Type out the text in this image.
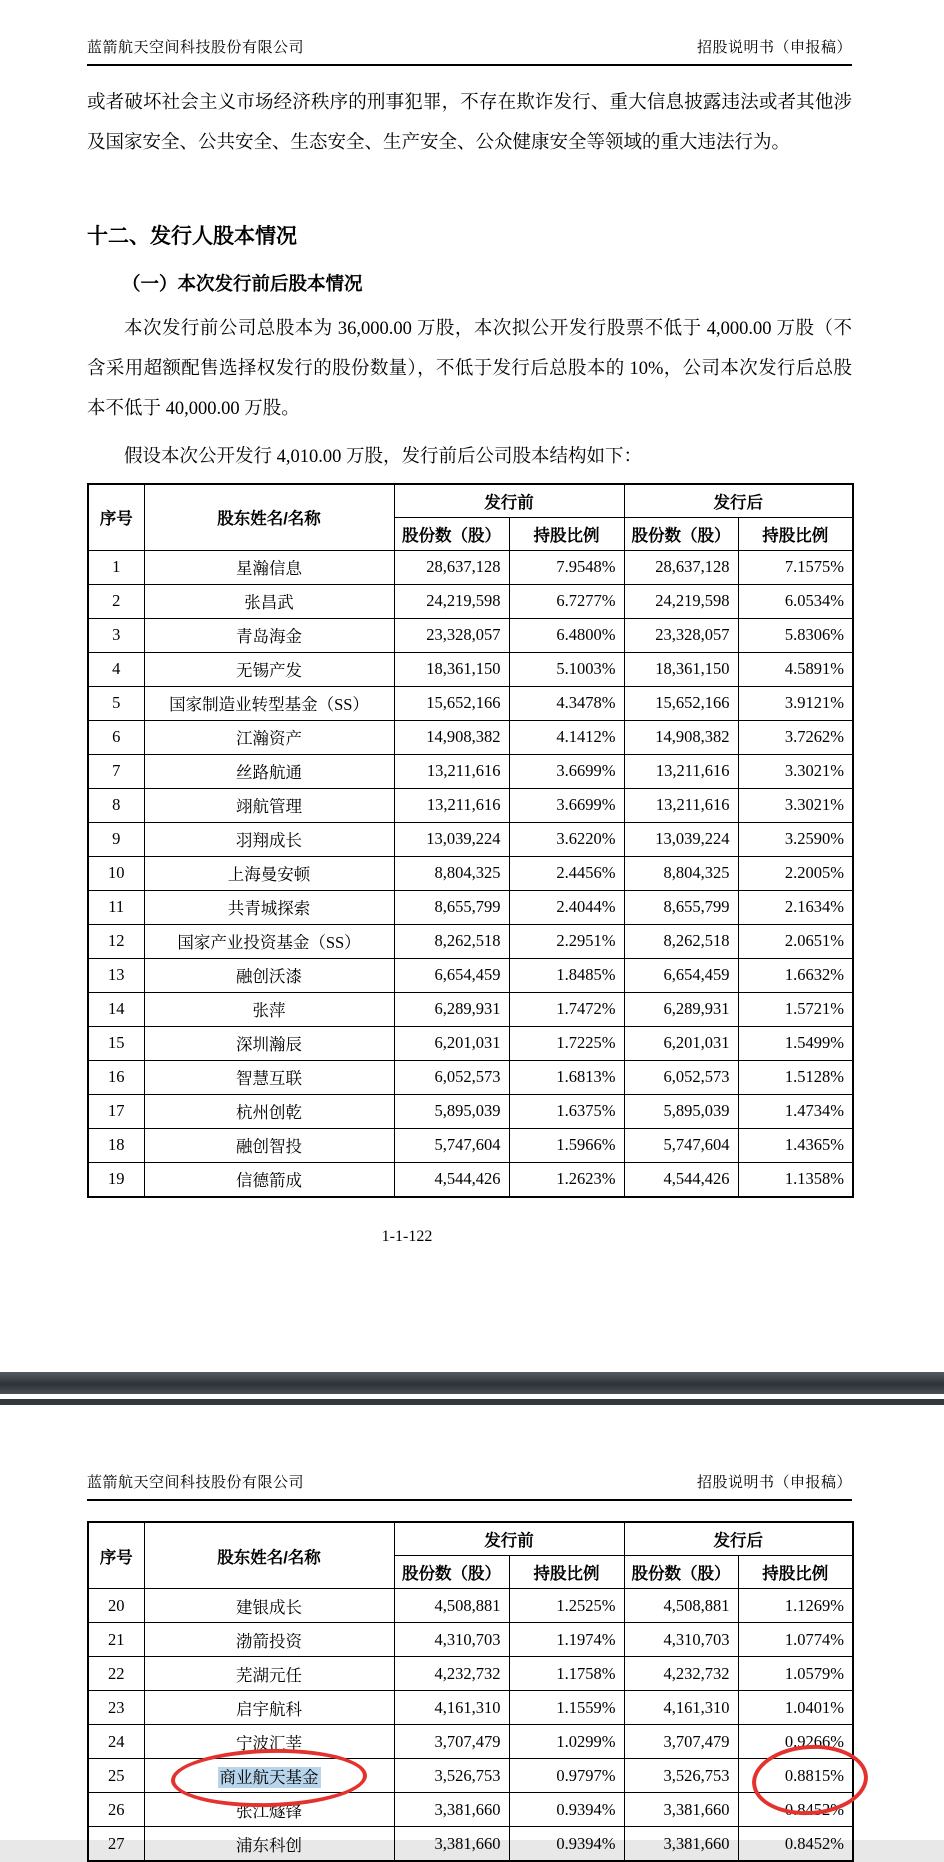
蓝箭航天空间科技股份有限公司	招股说明书（申报稿）

或者破坏社会主义市场经济秩序的刑事犯罪，不存在欺诈发行、重大信息披露违法或者其他涉及国家安全、公共安全、生态安全、生产安全、公众健康安全等领域的重大违法行为。

十二、发行人股本情况
（一）本次发行前后股本情况

本次发行前公司总股本为 36,000.00 万股，本次拟公开发行股票不低于 4,000.00 万股（不含采用超额配售选择权发行的股份数量），不低于发行后总股本的 10%，公司本次发行后总股本不低于 40,000.00 万股。

假设本次公开发行 4,010.00 万股，发行前后公司股本结构如下：

序号	股东姓名/名称	发行前		发行后	
		股份数（股）	持股比例	股份数（股）	持股比例
1	星瀚信息	28,637,128	7.9548%	28,637,128	7.1575%
2	张昌武	24,219,598	6.7277%	24,219,598	6.0534%
3	青岛海金	23,328,057	6.4800%	23,328,057	5.8306%
4	无锡产发	18,361,150	5.1003%	18,361,150	4.5891%
5	国家制造业转型基金（SS）	15,652,166	4.3478%	15,652,166	3.9121%
6	江瀚资产	14,908,382	4.1412%	14,908,382	3.7262%
7	丝路航通	13,211,616	3.6699%	13,211,616	3.3021%
8	翊航管理	13,211,616	3.6699%	13,211,616	3.3021%
9	羽翔成长	13,039,224	3.6220%	13,039,224	3.2590%
10	上海曼安顿	8,804,325	2.4456%	8,804,325	2.2005%
11	共青城探索	8,655,799	2.4044%	8,655,799	2.1634%
12	国家产业投资基金（SS）	8,262,518	2.2951%	8,262,518	2.0651%
13	融创沃漆	6,654,459	1.8485%	6,654,459	1.6632%
14	张萍	6,289,931	1.7472%	6,289,931	1.5721%
15	深圳瀚辰	6,201,031	1.7225%	6,201,031	1.5499%
16	智慧互联	6,052,573	1.6813%	6,052,573	1.5128%
17	杭州创乾	5,895,039	1.6375%	5,895,039	1.4734%
18	融创智投	5,747,604	1.5966%	5,747,604	1.4365%
19	信德箭成	4,544,426	1.2623%	4,544,426	1.1358%
1-1-122
蓝箭航天空间科技股份有限公司	招股说明书（申报稿）
序号	股东姓名/名称	发行前		发行后	
		股份数（股）	持股比例	股份数（股）	持股比例
20	建银成长	4,508,881	1.2525%	4,508,881	1.1269%
21	渤箭投资	4,310,703	1.1974%	4,310,703	1.0774%
22	芜湖元任	4,232,732	1.1758%	4,232,732	1.0579%
23	启宇航科	4,161,310	1.1559%	4,161,310	1.0401%
24	宁波汇莘	3,707,479	1.0299%	3,707,479	0.9266%
25	商业航天基金	3,526,753	0.9797%	3,526,753	0.8815%

26	张江燧锋	3,381,660	0.9394%	3,381,660	0.8452%
27	浦东科创	3,381,660	0.9394%	3,381,660	0.8452%
